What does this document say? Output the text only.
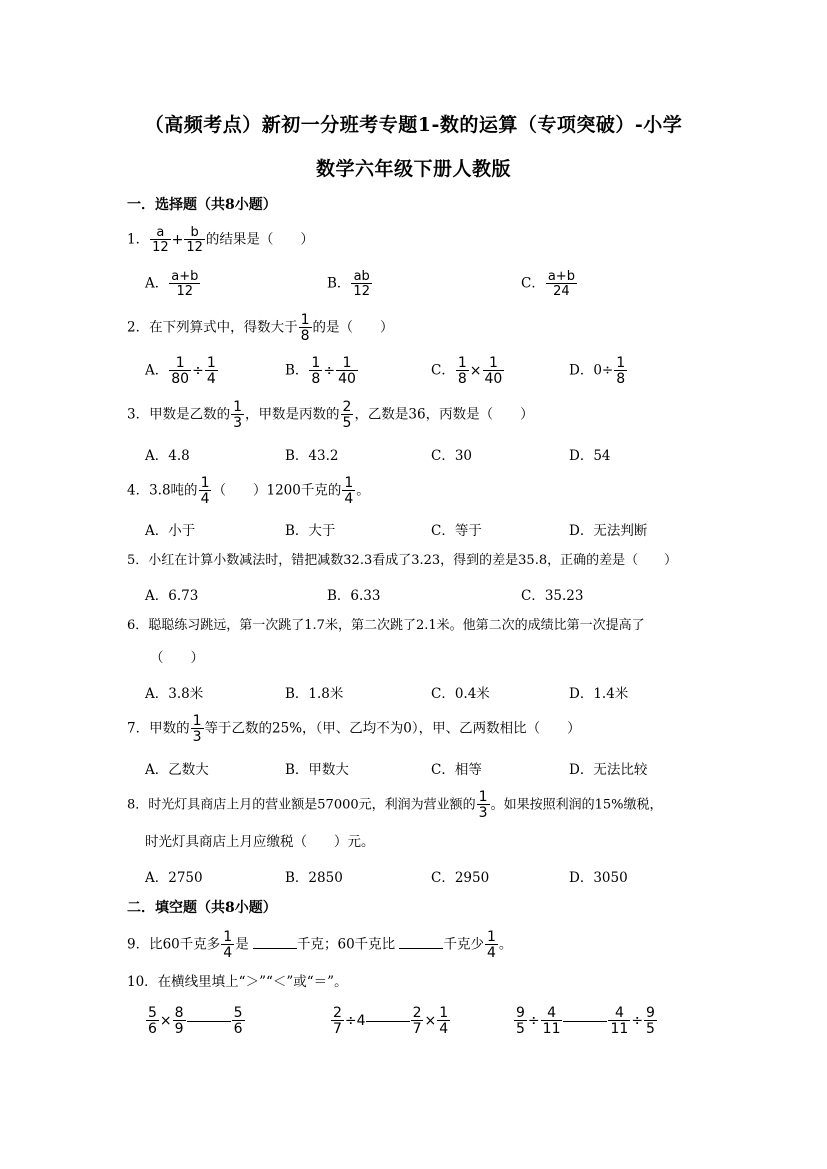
（高频考点）新初一分班考专题1-数的运算（专项突破）-小学
数学六年级下册人教版
一．选择题（共8小题）
1． $\frac{a}{12} + \frac{b}{12}$ 的结果是（　　）
A． $\frac{a+b}{12}$	B． $\frac{ab}{12}$	C． $\frac{a+b}{24}$
2．在下列算式中，得数大于 $\frac{1}{8}$ 的是（　　）
A． $\frac{1}{80} \div \frac{1}{4}$	B． $\frac{1}{8} \div \frac{1}{40}$	C． $\frac{1}{8} \times \frac{1}{40}$	D．$0\div \frac{1}{8}$
3．甲数是乙数的 $\frac{1}{3}$ ，甲数是丙数的 $\frac{2}{5}$ ，乙数是36，丙数是（　　）
A．4.8	B．43.2	C．30	D．54
4．3.8吨的 $\frac{1}{4}$ （　　）1200千克的 $\frac{1}{4}$ 。
A．小于	B．大于	C．等于	D．无法判断
5．小红在计算小数减法时，错把减数32.3看成了3.23，得到的差是35.8，正确的差是（　　）
A．6.73	B．6.33	C．35.23
6．聪聪练习跳远，第一次跳了1.7米，第二次跳了2.1米。他第二次的成绩比第一次提高了
（　　）
A．3.8米	B．1.8米	C．0.4米	D．1.4米
7．甲数的 $\frac{1}{3}$ 等于乙数的25%，（甲、乙均不为0），甲、乙两数相比（　　）
A．乙数大	B．甲数大	C．相等	D．无法比较
8．时光灯具商店上月的营业额是57000元，利润为营业额的 $\frac{1}{3}$ 。如果按照利润的15%缴税，
时光灯具商店上月应缴税（　　）元。
A．2750	B．2850	C．2950	D．3050
二．填空题（共8小题）
9．比60千克多 $\frac{1}{4}$ 是	千克；60千克比	千克少 $\frac{1}{4}$ 。
10．在横线里填上“＞”“＜”或“＝”。
$\frac{5}{6} \times \frac{8}{9}$	$\frac{5}{6}$	$\frac{2}{7} \div 4$	$\frac{2}{7} \times \frac{1}{4}$	$\frac{9}{5} \div \frac{4}{11}$	$\frac{4}{11} \div \frac{9}{5}$
